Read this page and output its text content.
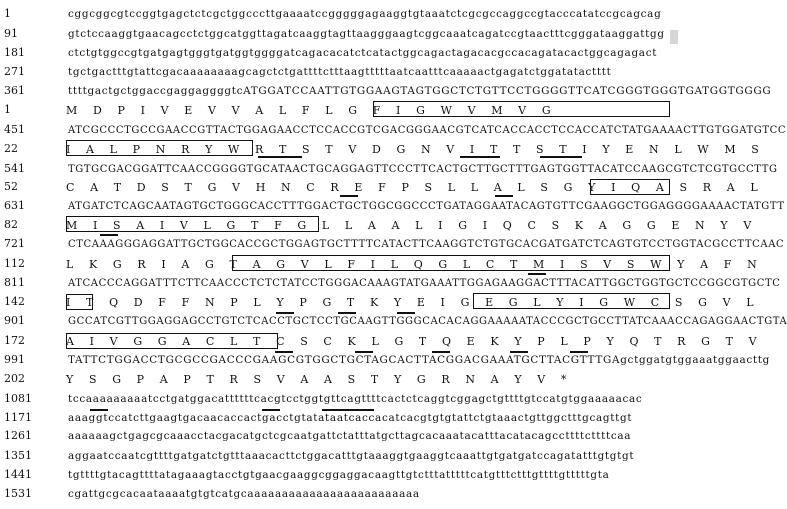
1	cggcggcgtccggtgagctctcgctggcccttgaaaatccgggggagaaggtgtaaatctcgcgccaggccgtacccatatccgcagcag
91	gtctccaaggtgaacagcctctggcatggttagatcaaggtagttaagggaagtcggcaaatcagatccgtaactttcgggataaggattgg
181	ctctgtggccgtgatgagtgggtgatggtggggatcagacacatctcatactggcagactagacacgccacagatacactggcagagact
271	tgctgactttgtattcgacaaaaaaaagcagctctgattttctttaagtttttaatcaatttcaaaaactgagatctggatatactttt
361	ttttgactgctggaccgaggaggggtcATGGATCCAATTGTGGAAGTAGTGGCTCTGTTCCTGGGGTTCATCGGGTGGGTGATGGTGGGG
1	M D P I V E V V A L F L G F I G W V M V G
451	ATCGCCCTGCCGAACCGTTACTGGAGAACCTCCACCGTCGACGGGAACGTCATCACCACCTCCACCATCTATGAAAACTTGTGGATGTCC
22	I A L P N R Y W R T S T V D G N V I T T S T I Y E N L W M S
541	TGTGCGACGGATTCAACCGGGGTGCATAACTGCAGGAGTTCCCTTCACTGCTTGCTTTGAGTGGTTACATCCAAGCGTCTCGTGCCTTG
52	C A T D S T G V H N C R E F P S L L A L S G Y I Q A S R A L
631	ATGATCTCAGCAATAGTGCTGGGCACCTTTGGACTGCTGGCGGCCCTGATAGGAATACAGTGTTCGAAGGCTGGAGGGGAAAACTATGTT
82	M I S A I V L G T F G L L A A L I G I Q C S K A G G E N Y V
721	CTCAAAGGGAGGATTGCTGGCACCGCTGGAGTGCTTTTCATACTTCAAGGTCTGTGCACGATGATCTCAGTGTCCTGGTACGCCTTCAAC
112	L K G R I A G T A G V L F I L Q G L C T M I S V S W Y A F N
811	ATCACCCAGGATTTCTTCAACCCTCTCTATCCTGGGACAAAGTATGAAATTGGAGAAGGACTTTACATTGGCTGGTGCTCCGGCGTGCTC
142	I T Q D F F N P L Y P G T K Y E I G E G L Y I G W C S G V L
901	GCCATCGTTGGAGGAGCCTGTCTCACCTGCTCCTGCAAGTTGGGCACACAGGAAAAATACCCGCTGCCTTATCAAACCAGAGGAACTGTA
172	A I V G G A C L T C S C K L G T Q E K Y P L P Y Q T R G T V
991	TATTCTGGACCTGCGCCGACCCGAAGCGTGGCTGCTAGCACTTACGGACGAAATGCTTACGTTTGAgctggatgtggaaatggaacttg
202	Y S G P A P T R S V A A S T Y G R N A Y V *
1081	tccaaaaaaaaatcctgatggacattttttcacgtcctggtgttcagttttcactctcaggtcggagctgttttgtccatgtggaaaaacac
1171	aaaggtccatcttgaagtgacaacaccactgacctgtatataatcaccacatcacgtgtgtattctgtaaactgttggctttgcagttgt
1261	aaaaaagctgagcgcaaacctacgacatgctcgcaatgattctatttatgcttagcacaaatacatttacatacagccttttcttttcaa
1351	aggaatccaatcgttttgatgatctgtttaaacacttctggacatttgtaaaggtgaaggtcaaattgtgatgatccagatatttgtgtgt
1441	tgttttgtacagttttatagaaagtacctgtgaacgaaggcggaggacaagttgtctttatttttcatgtttctttgttttgtttttgta
1531	cgattgcgcacaataaaatgtgtcatgcaaaaaaaaaaaaaaaaaaaaaaaaa
